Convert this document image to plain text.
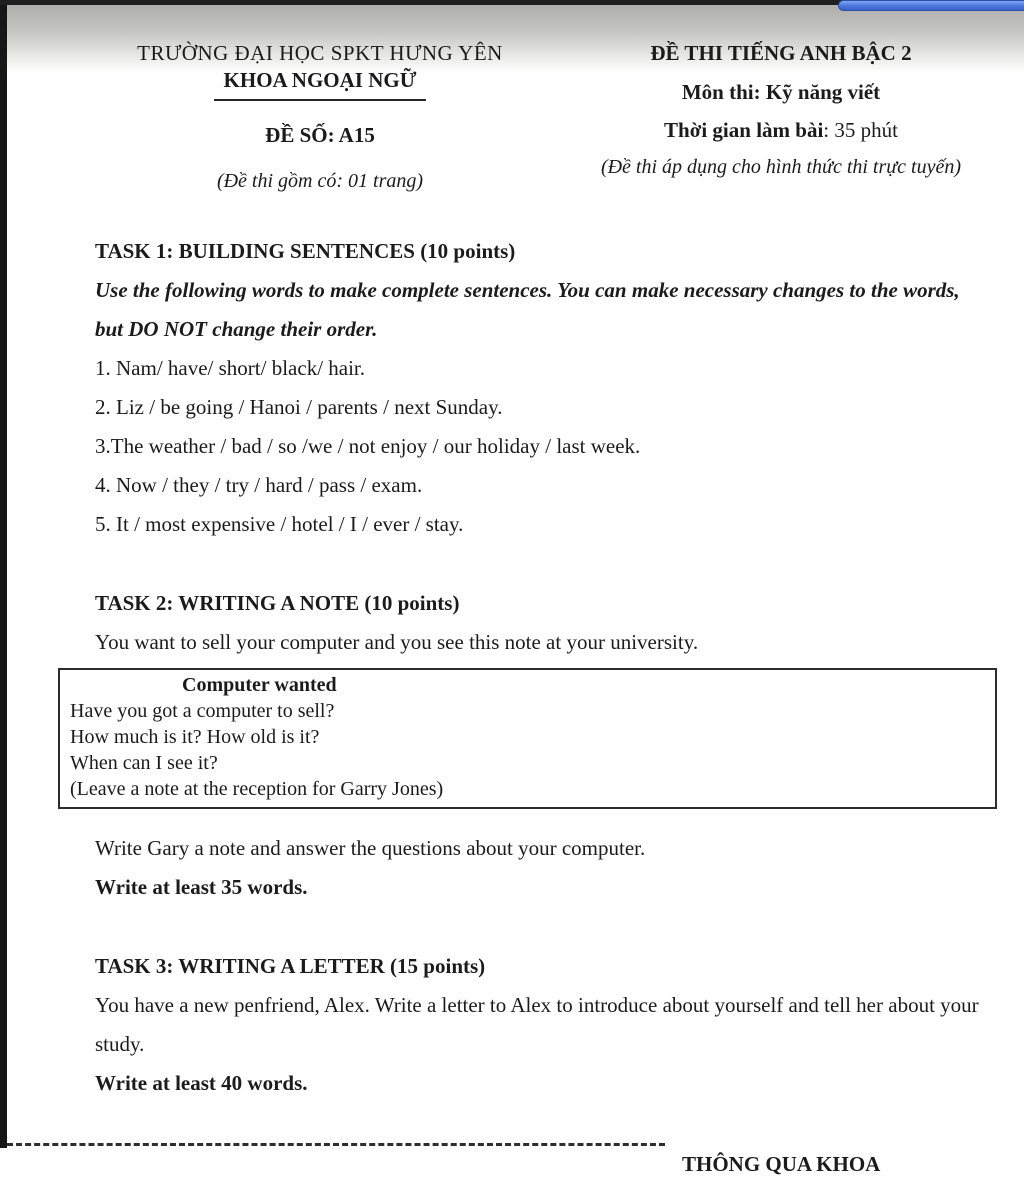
TRƯỜNG ĐẠI HỌC SPKT HƯNG YÊN

KHOA NGOẠI NGỮ

ĐỀ SỐ: A15

(Đề thi gồm có: 01 trang)

ĐỀ THI TIẾNG ANH BẬC 2

Môn thi: Kỹ năng viết

Thời gian làm bài: 35 phút

(Đề thi áp dụng cho hình thức thi trực tuyến)

TASK 1: BUILDING SENTENCES (10 points)

Use the following words to make complete sentences. You can make necessary changes to the words, but DO NOT change their order.

1. Nam/ have/ short/ black/ hair.

2. Liz / be going / Hanoi / parents / next Sunday.

3.The weather / bad / so /we / not enjoy / our holiday / last week.

4. Now / they / try / hard / pass / exam.

5. It / most expensive / hotel / I / ever / stay.

TASK 2: WRITING A NOTE (10 points)

You want to sell your computer and you see this note at your university.

Computer wanted

Have you got a computer to sell?

How much is it? How old is it?

When can I see it?

(Leave a note at the reception for Garry Jones)

Write Gary a note and answer the questions about your computer.

Write at least 35 words.

TASK 3: WRITING A LETTER (15 points)

You have a new penfriend, Alex. Write a letter to Alex to introduce about yourself and tell her about your study.

Write at least 40 words.

THÔNG QUA KHOA
